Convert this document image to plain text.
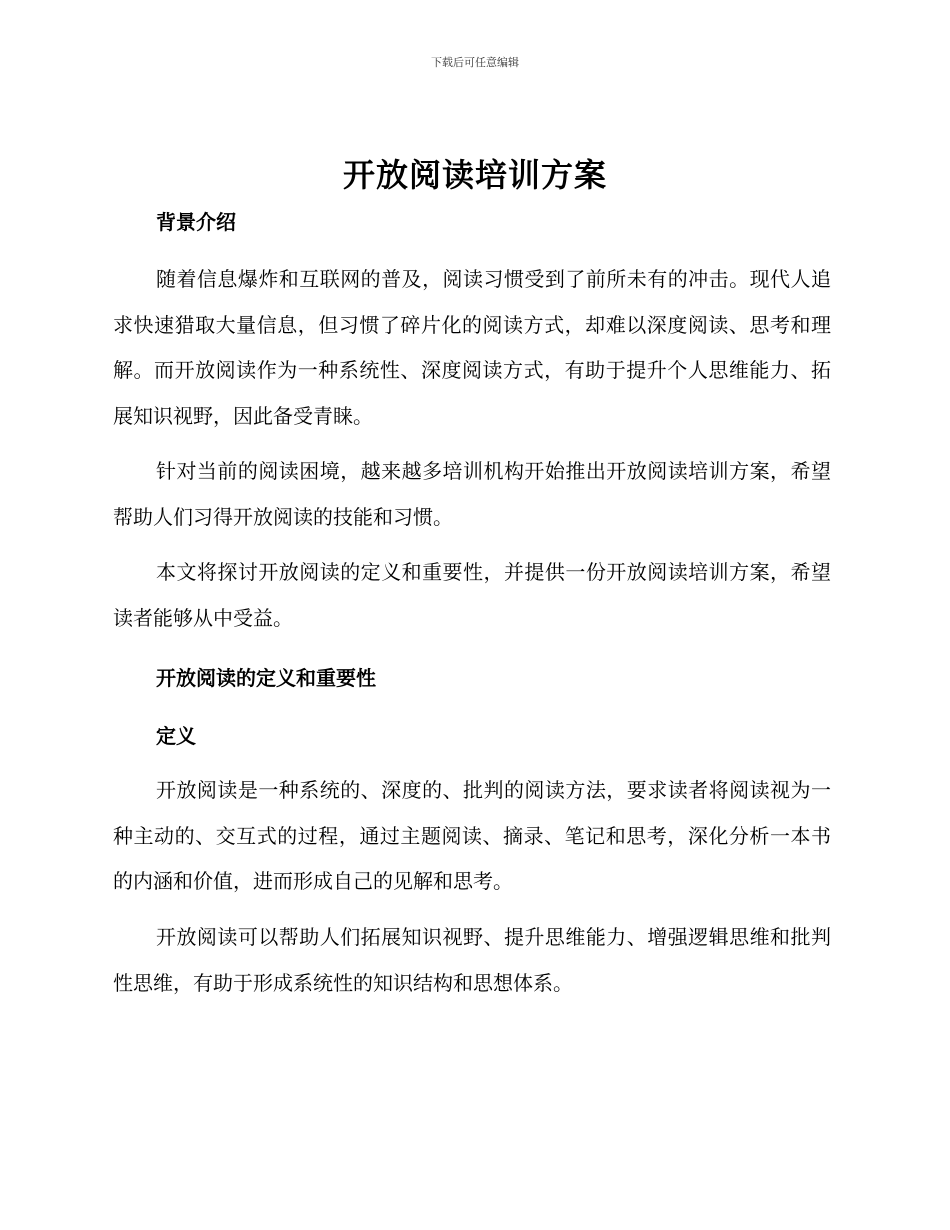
下载后可任意编辑
开放阅读培训方案
背景介绍

随着信息爆炸和互联网的普及，阅读习惯受到了前所未有的冲击。现代人追求快速猎取大量信息，但习惯了碎片化的阅读方式，却难以深度阅读、思考和理解。而开放阅读作为一种系统性、深度阅读方式，有助于提升个人思维能力、拓展知识视野，因此备受青睐。

针对当前的阅读困境，越来越多培训机构开始推出开放阅读培训方案，希望帮助人们习得开放阅读的技能和习惯。

本文将探讨开放阅读的定义和重要性，并提供一份开放阅读培训方案，希望读者能够从中受益。

开放阅读的定义和重要性
定义

开放阅读是一种系统的、深度的、批判的阅读方法，要求读者将阅读视为一种主动的、交互式的过程，通过主题阅读、摘录、笔记和思考，深化分析一本书的内涵和价值，进而形成自己的见解和思考。

开放阅读可以帮助人们拓展知识视野、提升思维能力、增强逻辑思维和批判性思维，有助于形成系统性的知识结构和思想体系。
